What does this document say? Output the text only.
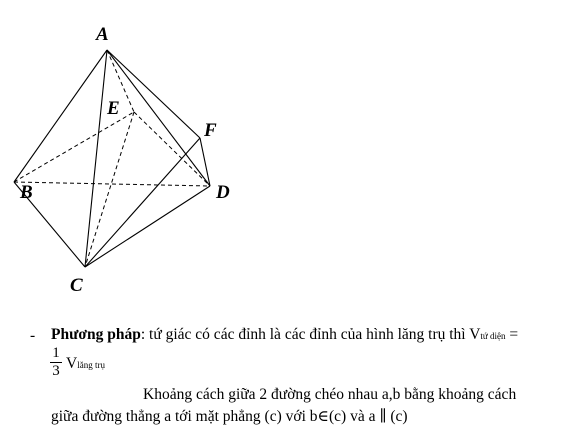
A
E
F
B	D
C
- Phương pháp: tứ giác có các đỉnh là các đỉnh của hình lăng trụ thì Vtứ diện =
1
3 Vlăng trụ
Khoảng cách giữa 2 đường chéo nhau a,b bằng khoảng cách
giữa đường thẳng a tới mặt phẳng (c) với b∈(c) và a ∥ (c)
